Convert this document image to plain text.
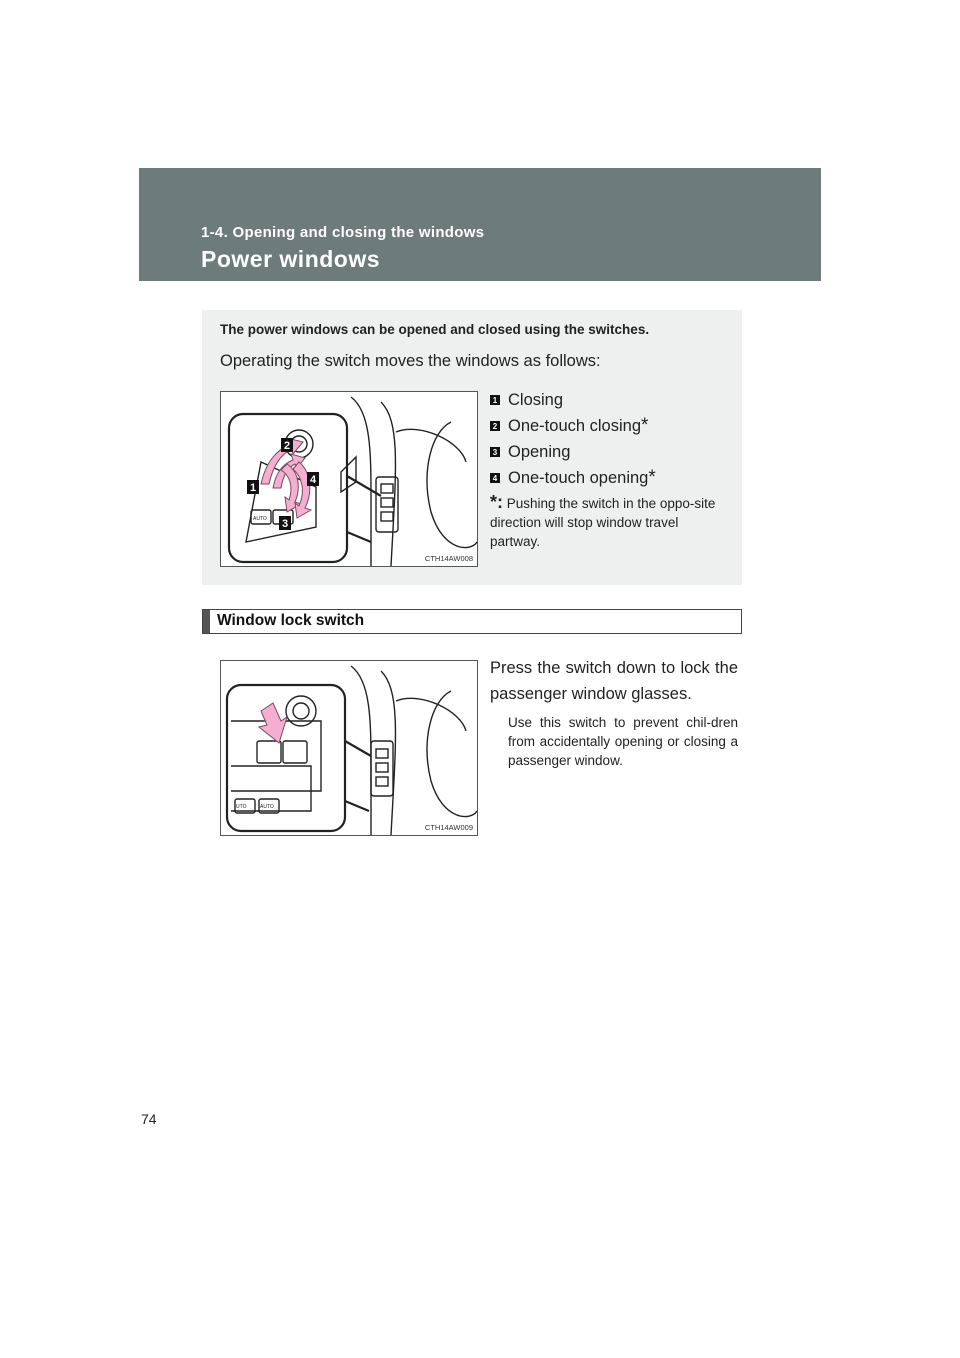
1-4. Opening and closing the windows
Power windows
The power windows can be opened and closed using the switches.
Operating the switch moves the windows as follows:
AUTO
1
2
3
4
CTH14AW008
1 Closing
2 One-touch closing *
3 Opening
4 One-touch opening *
*: Pushing the switch in the oppo-site direction will stop window travel partway.
Window lock switch
UTO	AUTO
CTH14AW009
Press the switch down to lock the passenger window glasses.
Use this switch to prevent chil-dren from accidentally opening or closing a passenger window.
74
